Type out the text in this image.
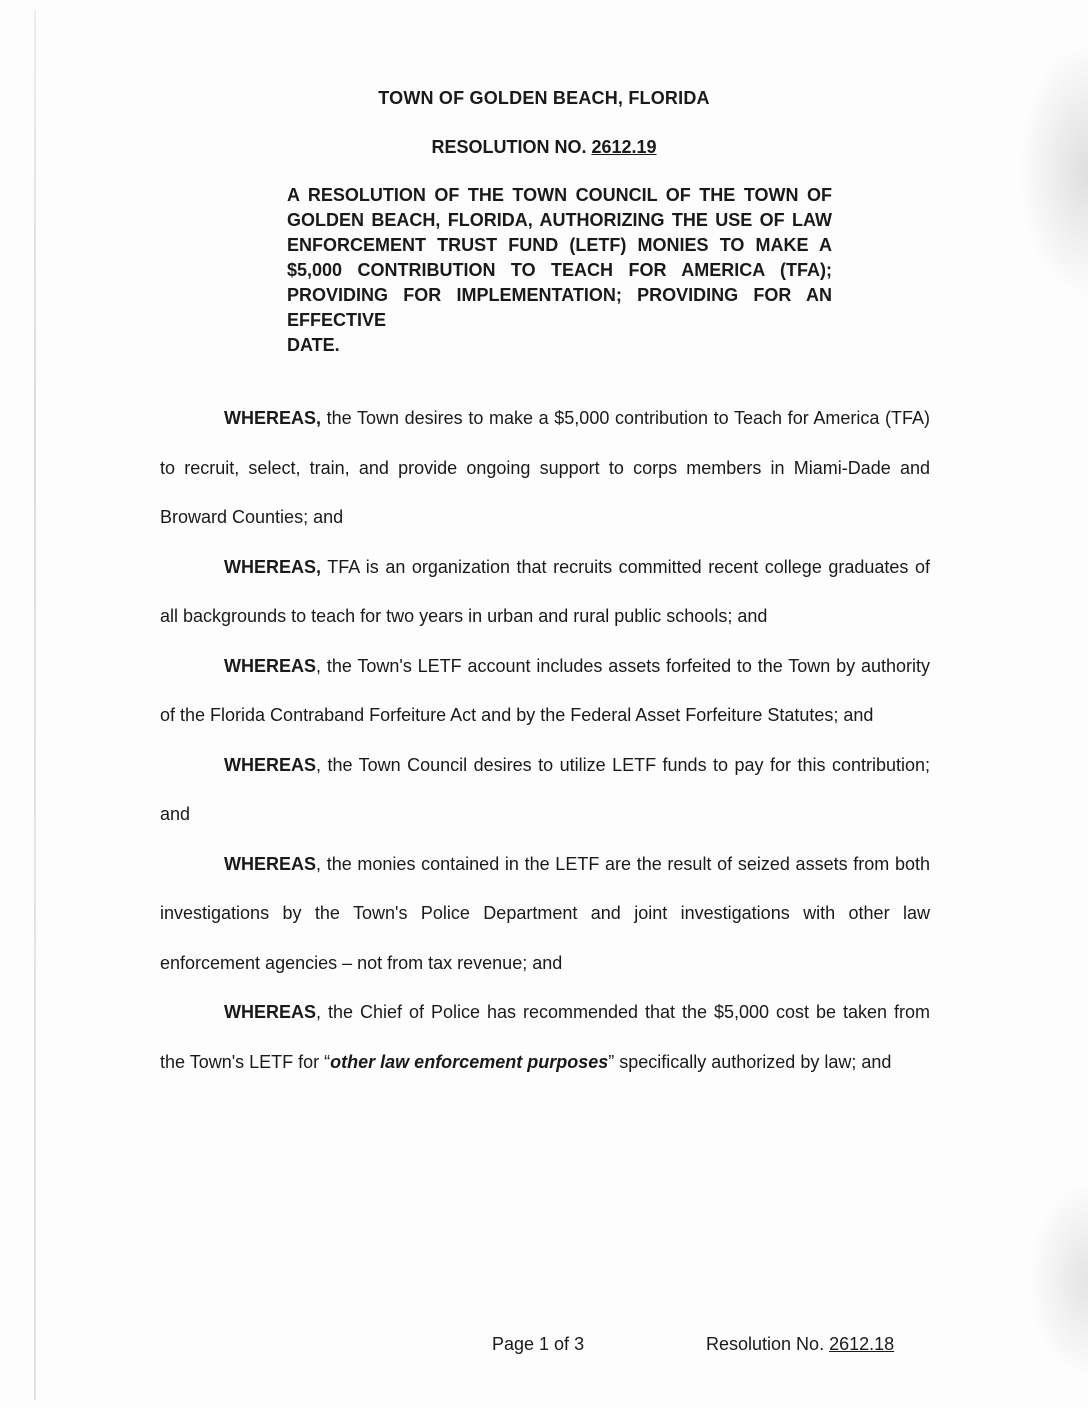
TOWN OF GOLDEN BEACH, FLORIDA
RESOLUTION NO. 2612.19
A RESOLUTION OF THE TOWN COUNCIL OF THE TOWN OF GOLDEN BEACH, FLORIDA, AUTHORIZING THE USE OF LAW ENFORCEMENT TRUST FUND (LETF) MONIES TO MAKE A $5,000 CONTRIBUTION TO TEACH FOR AMERICA (TFA); PROVIDING FOR IMPLEMENTATION; PROVIDING FOR AN EFFECTIVE
DATE.

WHEREAS, the Town desires to make a $5,000 contribution to Teach for America (TFA) to recruit, select, train, and provide ongoing support to corps members in Miami-Dade and Broward Counties; and

WHEREAS, TFA is an organization that recruits committed recent college graduates of all backgrounds to teach for two years in urban and rural public schools; and

WHEREAS, the Town's LETF account includes assets forfeited to the Town by authority of the Florida Contraband Forfeiture Act and by the Federal Asset Forfeiture Statutes; and

WHEREAS, the Town Council desires to utilize LETF funds to pay for this contribution; and

WHEREAS, the monies contained in the LETF are the result of seized assets from both investigations by the Town's Police Department and joint investigations with other law enforcement agencies – not from tax revenue; and

WHEREAS, the Chief of Police has recommended that the $5,000 cost be taken from the Town's LETF for “other law enforcement purposes” specifically authorized by law; and

Page 1 of 3	Resolution No. 2612.18
